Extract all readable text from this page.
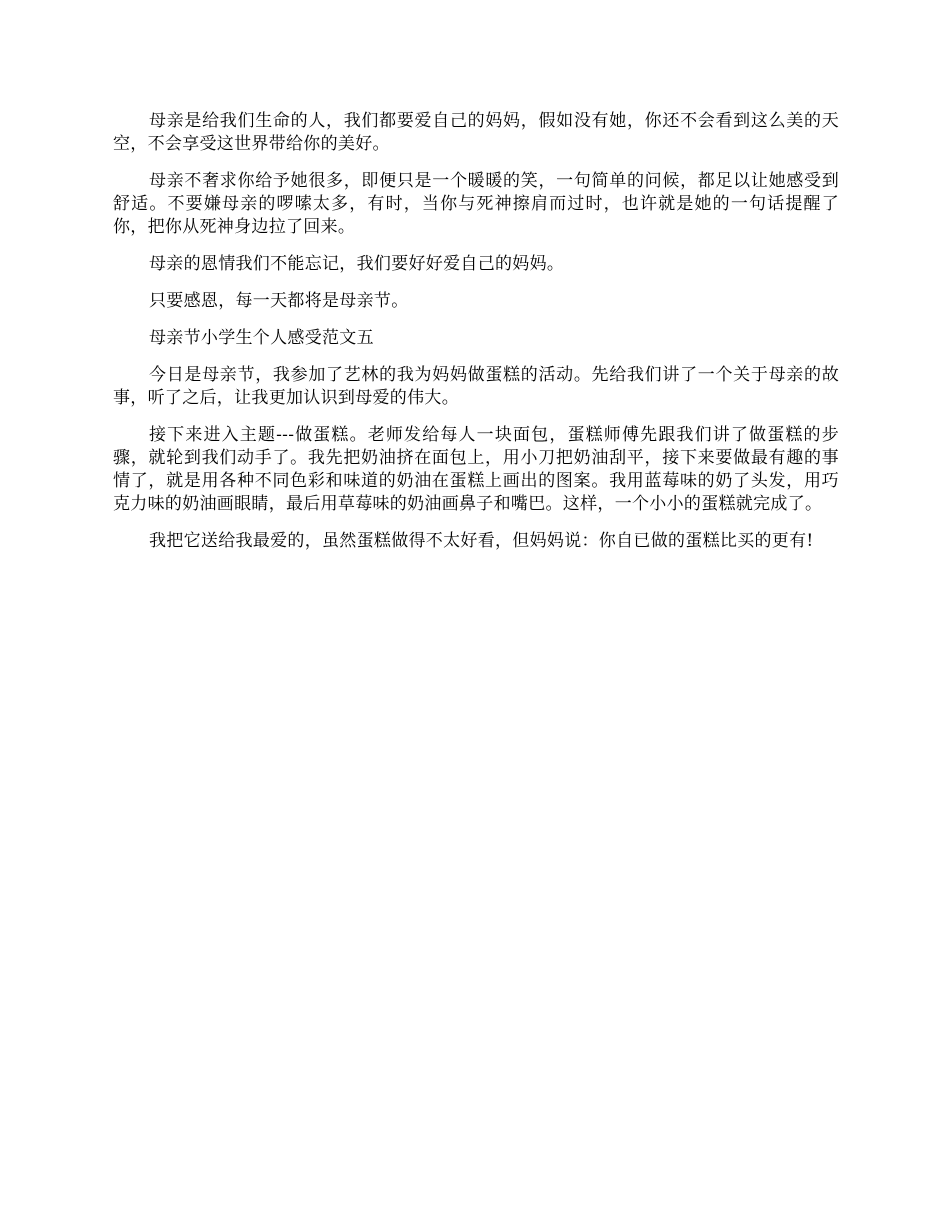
母亲是给我们生命的人，我们都要爱自己的妈妈，假如没有她，你还不会看到这么美的天空，不会享受这世界带给你的美好。

母亲不奢求你给予她很多，即便只是一个暖暖的笑，一句简单的问候，都足以让她感受到舒适。不要嫌母亲的啰嗦太多，有时，当你与死神擦肩而过时，也许就是她的一句话提醒了你，把你从死神身边拉了回来。

母亲的恩情我们不能忘记，我们要好好爱自己的妈妈。

只要感恩，每一天都将是母亲节。

母亲节小学生个人感受范文五

今日是母亲节，我参加了艺林的我为妈妈做蛋糕的活动。先给我们讲了一个关于母亲的故事，听了之后，让我更加认识到母爱的伟大。

接下来进入主题---做蛋糕。老师发给每人一块面包，蛋糕师傅先跟我们讲了做蛋糕的步骤，就轮到我们动手了。我先把奶油挤在面包上，用小刀把奶油刮平，接下来要做最有趣的事情了，就是用各种不同色彩和味道的奶油在蛋糕上画出的图案。我用蓝莓味的奶了头发，用巧克力味的奶油画眼睛，最后用草莓味的奶油画鼻子和嘴巴。这样，一个小小的蛋糕就完成了。

我把它送给我最爱的，虽然蛋糕做得不太好看，但妈妈说：你自已做的蛋糕比买的更有!
